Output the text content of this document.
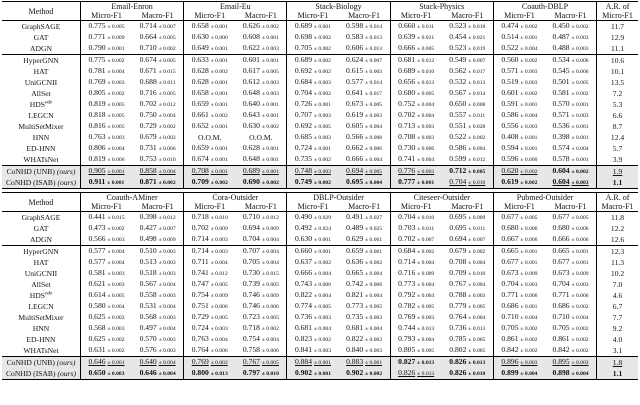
Method	Email-Enron		Email-Eu		Stack-Biology		Stack-Physics		Coauth-DBLP		A.R. of
	Micro-F1	Macro-F1	Micro-F1	Macro-F1	Micro-F1	Macro-F1	Micro-F1	Macro-F1	Micro-F1	Macro-F1	Micro-F1
GraphSAGE	0.775 ± 0.005	0.714 ± 0.007	0.658 ± 0.001	0.626 ± 0.002	0.689 ± 0.001	0.598 ± 0.014	0.660 ± 0.011	0.523 ± 0.018	0.474 ± 0.002	0.450 ± 0.002	11.7
GAT	0.771 ± 0.009	0.664 ± 0.005	0.630 ± 0.000	0.608 ± 0.001	0.698 ± 0.002	0.583 ± 0.013	0.639 ± 0.021	0.454 ± 0.021	0.514 ± 0.001	0.487 ± 0.003	12.9
ADGN	0.790 ± 0.001	0.710 ± 0.002	0.649 ± 0.001	0.622 ± 0.003	0.705 ± 0.002	0.606 ± 0.013	0.666 ± 0.005	0.523 ± 0.019	0.522 ± 0.004	0.488 ± 0.003	11.1
HyperGNN	0.775 ± 0.002	0.674 ± 0.005	0.633 ± 0.001	0.601 ± 0.001	0.689 ± 0.002	0.624 ± 0.007	0.681 ± 0.012	0.549 ± 0.007	0.560 ± 0.002	0.534 ± 0.006	10.6
HAT	0.781 ± 0.004	0.671 ± 0.015	0.628 ± 0.002	0.617 ± 0.005	0.692 ± 0.002	0.615 ± 0.003	0.689 ± 0.010	0.562 ± 0.017	0.571 ± 0.003	0.545 ± 0.006	10.1
UniGCNII	0.769 ± 0.003	0.688 ± 0.011	0.628 ± 0.001	0.612 ± 0.003	0.684 ± 0.003	0.577 ± 0.014	0.656 ± 0.013	0.532 ± 0.013	0.519 ± 0.003	0.501 ± 0.005	13.5
AllSet	0.805 ± 0.002	0.716 ± 0.005	0.658 ± 0.001	0.648 ± 0.003	0.704 ± 0.002	0.641 ± 0.017	0.680 ± 0.005	0.567 ± 0.014	0.601 ± 0.002	0.581 ± 0.002	7.2
$HDS^{ode}$	0.819 ± 0.005	0.702 ± 0.012	0.659 ± 0.001	0.640 ± 0.001	0.726 ± 0.001	0.673 ± 0.005	0.752 ± 0.004	0.650 ± 0.008	0.591 ± 0.001	0.570 ± 0.001	5.3
LEGCN	0.818 ± 0.005	0.750 ± 0.004	0.661 ± 0.002	0.643 ± 0.001	0.707 ± 0.003	0.619 ± 0.003	0.702 ± 0.004	0.557 ± 0.011	0.586 ± 0.004	0.571 ± 0.003	6.6
MultiSetMixer	0.816 ± 0.005	0.729 ± 0.002	0.652 ± 0.001	0.630 ± 0.002	0.692 ± 0.005	0.605 ± 0.004	0.713 ± 0.003	0.551 ± 0.028	0.556 ± 0.003	0.536 ± 0.001	8.7
HNN	0.763 ± 0.003	0.679 ± 0.002	O.O.M.	O.O.M.	0.685 ± 0.003	0.566 ± 0.008	0.708 ± 0.003	0.522 ± 0.002	0.408 ± 0.001	0.398 ± 0.001	12.4
ED-HNN	0.806 ± 0.004	0.731 ± 0.006	0.659 ± 0.001	0.628 ± 0.001	0.724 ± 0.001	0.662 ± 0.006	0.730 ± 0.006	0.586 ± 0.004	0.594 ± 0.001	0.574 ± 0.004	5.7
WHATsNet	0.819 ± 0.006	0.753 ± 0.010	0.674 ± 0.001	0.648 ± 0.001	0.735 ± 0.002	0.666 ± 0.004	0.741 ± 0.004	0.599 ± 0.012	0.596 ± 0.000	0.578 ± 0.001	3.9
CoNHD (UNB) (ours)	0.905 ± 0.001	0.858 ± 0.004	0.708 ± 0.001	0.689 ± 0.001	0.748 ± 0.003	0.694 ± 0.005	0.776 ± 0.003	0.712 ± 0.005	0.620 ± 0.002	0.604 ± 0.002	1.9
CoNHD (ISAB) (ours)	0.911 ± 0.001	0.871 ± 0.002	0.709 ± 0.002	0.690 ± 0.002	0.749 ± 0.002	0.695 ± 0.004	0.777 ± 0.001	0.704 ± 0.010	0.619 ± 0.002	0.604 ± 0.003	1.1
Method	Coauth-AMiner		Cora-Outsider		DBLP-Outsider		Citeseer-Outsider		Pubmed-Outsider		A.R. of
	Micro-F1	Macro-F1	Micro-F1	Macro-F1	Micro-F1	Macro-F1	Micro-F1	Macro-F1	Micro-F1	Macro-F1	Macro-F1
GraphSAGE	0.441 ± 0.015	0.398 ± 0.012	0.718 ± 0.010	0.710 ± 0.012	0.490 ± 0.029	0.491 ± 0.027	0.704 ± 0.010	0.695 ± 0.009	0.677 ± 0.005	0.677 ± 0.005	11.8
GAT	0.473 ± 0.002	0.427 ± 0.007	0.702 ± 0.009	0.694 ± 0.009	0.492 ± 0.024	0.489 ± 0.025	0.703 ± 0.011	0.695 ± 0.011	0.680 ± 0.006	0.680 ± 0.006	12.2
ADGN	0.566 ± 0.003	0.498 ± 0.009	0.714 ± 0.003	0.704 ± 0.004	0.630 ± 0.001	0.629 ± 0.001	0.702 ± 0.007	0.694 ± 0.007	0.667 ± 0.006	0.666 ± 0.006	12.6
HyperGNN	0.577 ± 0.004	0.510 ± 0.003	0.714 ± 0.003	0.707 ± 0.004	0.660 ± 0.001	0.659 ± 0.001	0.684 ± 0.002	0.679 ± 0.002	0.665 ± 0.001	0.665 ± 0.001	12.3
HAT	0.577 ± 0.004	0.513 ± 0.003	0.711 ± 0.004	0.705 ± 0.004	0.637 ± 0.002	0.636 ± 0.002	0.714 ± 0.004	0.708 ± 0.004	0.677 ± 0.001	0.677 ± 0.001	11.3
UniGCNII	0.581 ± 0.003	0.518 ± 0.003	0.741 ± 0.012	0.730 ± 0.015	0.666 ± 0.004	0.665 ± 0.004	0.716 ± 0.009	0.709 ± 0.010	0.673 ± 0.009	0.673 ± 0.009	10.2
AllSet	0.621 ± 0.003	0.567 ± 0.004	0.747 ± 0.005	0.739 ± 0.005	0.743 ± 0.006	0.742 ± 0.006	0.773 ± 0.004	0.767 ± 0.004	0.704 ± 0.003	0.704 ± 0.003	7.0
$HDS^{ode}$	0.614 ± 0.005	0.558 ± 0.003	0.754 ± 0.009	0.746 ± 0.009	0.822 ± 0.004	0.821 ± 0.004	0.792 ± 0.004	0.788 ± 0.003	0.771 ± 0.006	0.771 ± 0.006	4.6
LEGCN	0.580 ± 0.004	0.531 ± 0.004	0.751 ± 0.006	0.746 ± 0.006	0.774 ± 0.005	0.773 ± 0.005	0.782 ± 0.005	0.779 ± 0.005	0.686 ± 0.001	0.686 ± 0.002	6.7
MultiSetMixer	0.625 ± 0.003	0.568 ± 0.003	0.729 ± 0.005	0.723 ± 0.005	0.736 ± 0.003	0.735 ± 0.003	0.769 ± 0.003	0.764 ± 0.004	0.710 ± 0.004	0.710 ± 0.004	7.7
HNN	0.568 ± 0.003	0.497 ± 0.004	0.724 ± 0.003	0.718 ± 0.002	0.681 ± 0.004	0.681 ± 0.004	0.744 ± 0.013	0.736 ± 0.013	0.705 ± 0.002	0.705 ± 0.002	9.2
ED-HNN	0.625 ± 0.002	0.570 ± 0.003	0.763 ± 0.004	0.754 ± 0.004	0.823 ± 0.002	0.822 ± 0.002	0.793 ± 0.004	0.785 ± 0.005	0.861 ± 0.002	0.861 ± 0.002	4.0
WHATsNet	0.631 ± 0.002	0.576 ± 0.003	0.764 ± 0.006	0.758 ± 0.006	0.841 ± 0.003	0.840 ± 0.003	0.805 ± 0.005	0.802 ± 0.005	0.842 ± 0.002	0.842 ± 0.002	3.1
CoNHD (UNB) (ours)	0.646 ± 0.001	0.640 ± 0.004	0.769 ± 0.002	0.767 ± 0.005	0.884 ± 0.001	0.883 ± 0.001	0.827 ± 0.013	0.826 ± 0.013	0.896 ± 0.003	0.895 ± 0.003	1.8
CoNHD (ISAB) (ours)	0.650 ± 0.003	0.646 ± 0.004	0.800 ± 0.013	0.797 ± 0.010	0.902 ± 0.001	0.902 ± 0.002	0.826 ± 0.013	0.826 ± 0.010	0.899 ± 0.004	0.898 ± 0.004	1.1
